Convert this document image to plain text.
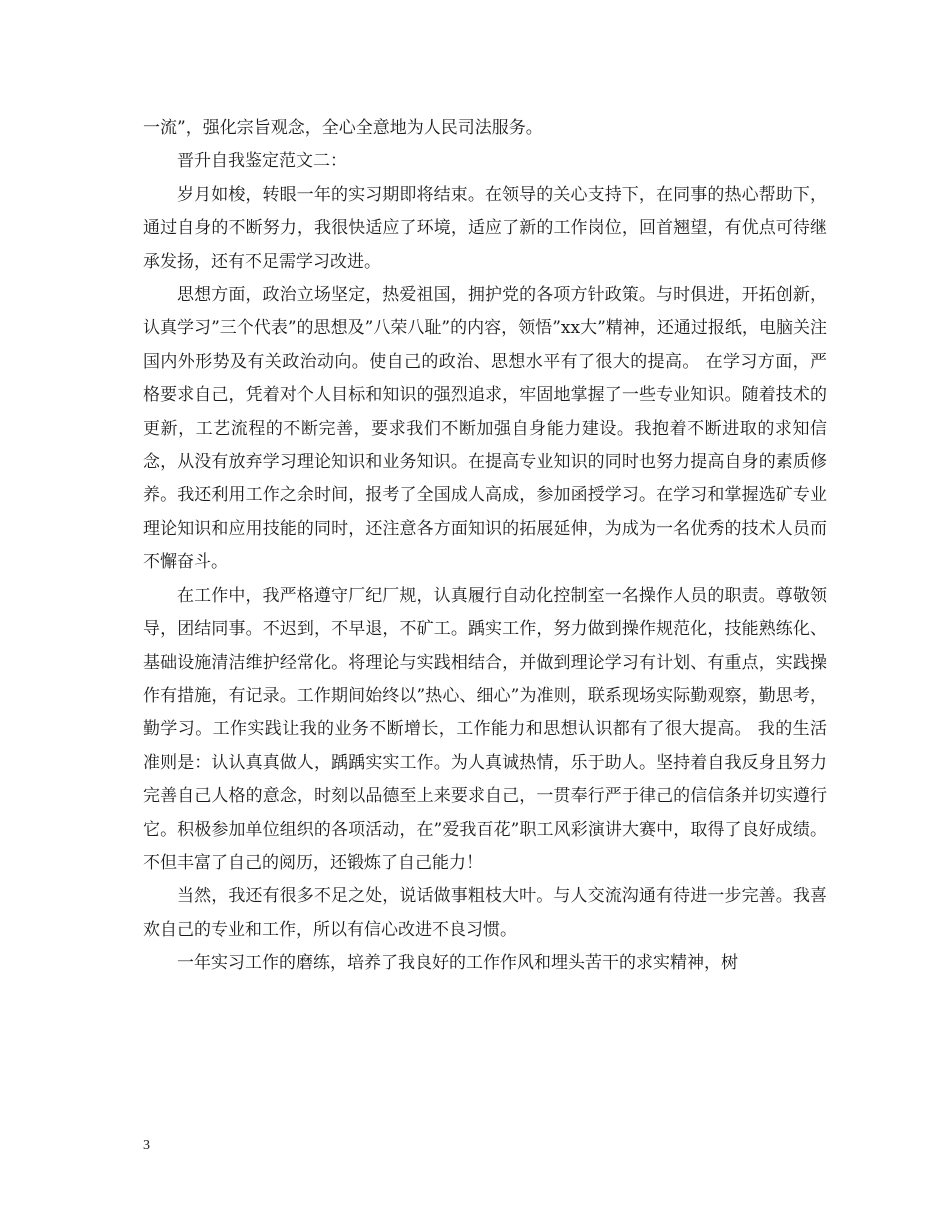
一流”，强化宗旨观念，全心全意地为人民司法服务。

晋升自我鉴定范文二：

岁月如梭，转眼一年的实习期即将结束。在领导的关心支持下，在同事的热心帮助下，通过自身的不断努力，我很快适应了环境，适应了新的工作岗位，回首翘望，有优点可待继承发扬，还有不足需学习改进。

思想方面，政治立场坚定，热爱祖国，拥护党的各项方针政策。与时俱进，开拓创新，认真学习”三个代表”的思想及”八荣八耻”的内容，领悟”xx大”精神，还通过报纸，电脑关注国内外形势及有关政治动向。使自己的政治、思想水平有了很大的提高。 在学习方面，严格要求自己，凭着对个人目标和知识的强烈追求，牢固地掌握了一些专业知识。随着技术的更新，工艺流程的不断完善，要求我们不断加强自身能力建设。我抱着不断进取的求知信念，从没有放弃学习理论知识和业务知识。在提高专业知识的同时也努力提高自身的素质修养。我还利用工作之余时间，报考了全国成人高成，参加函授学习。在学习和掌握选矿专业理论知识和应用技能的同时，还注意各方面知识的拓展延伸，为成为一名优秀的技术人员而不懈奋斗。

在工作中，我严格遵守厂纪厂规，认真履行自动化控制室一名操作人员的职责。尊敬领导，团结同事。不迟到，不早退，不矿工。踽实工作，努力做到操作规范化，技能熟练化、基础设施清洁维护经常化。将理论与实践相结合，并做到理论学习有计划、有重点，实践操作有措施，有记录。工作期间始终以”热心、细心”为准则，联系现场实际勤观察，勤思考，勤学习。工作实践让我的业务不断增长，工作能力和思想认识都有了很大提高。 我的生活准则是：认认真真做人，踽踽实实工作。为人真诚热情，乐于助人。坚持着自我反身且努力完善自己人格的意念，时刻以品德至上来要求自己，一贯奉行严于律己的信信条并切实遵行它。积极参加单位组织的各项活动，在”爱我百花”职工风彩演讲大赛中，取得了良好成绩。不但丰富了自己的阅历，还锻炼了自己能力！

当然，我还有很多不足之处，说话做事粗枝大叶。与人交流沟通有待进一步完善。我喜欢自己的专业和工作，所以有信心改进不良习惯。

一年实习工作的磨练，培养了我良好的工作作风和埋头苦干的求实精神，树

3
